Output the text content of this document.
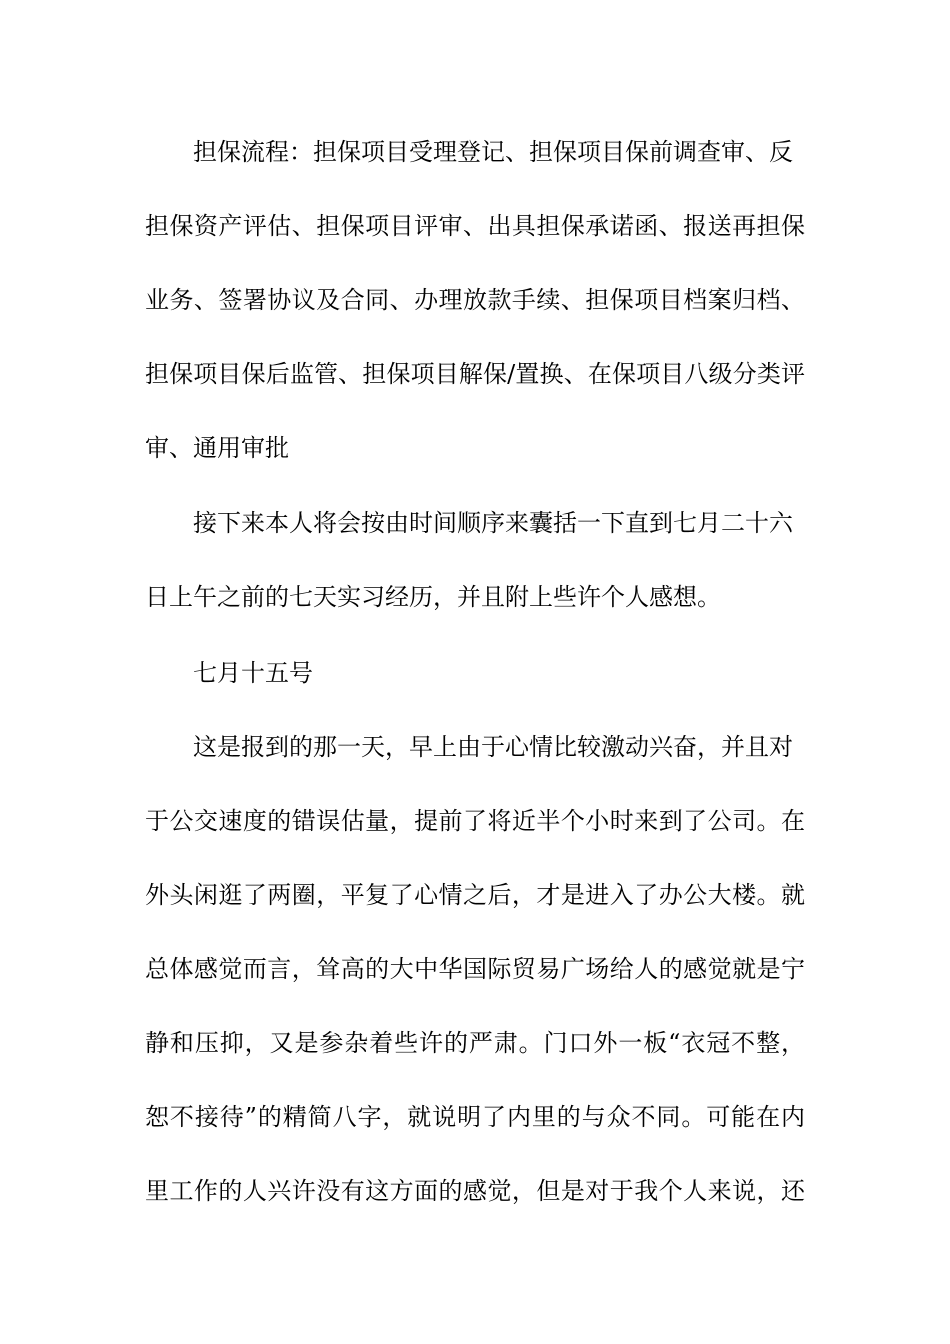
担保流程：担保项目受理登记、担保项目保前调查审、反
担保资产评估、担保项目评审、出具担保承诺函、报送再担保
业务、签署协议及合同、办理放款手续、担保项目档案归档、
担保项目保后监管、担保项目解保/置换、在保项目八级分类评
审、通用审批
接下来本人将会按由时间顺序来囊括一下直到七月二十六
日上午之前的七天实习经历，并且附上些许个人感想。
七月十五号
这是报到的那一天，早上由于心情比较激动兴奋，并且对
于公交速度的错误估量，提前了将近半个小时来到了公司。在
外头闲逛了两圈，平复了心情之后，才是进入了办公大楼。就
总体感觉而言，耸高的大中华国际贸易广场给人的感觉就是宁
静和压抑，又是参杂着些许的严肃。门口外一板“衣冠不整，
恕不接待”的精简八字，就说明了内里的与众不同。可能在内
里工作的人兴许没有这方面的感觉，但是对于我个人来说，还
